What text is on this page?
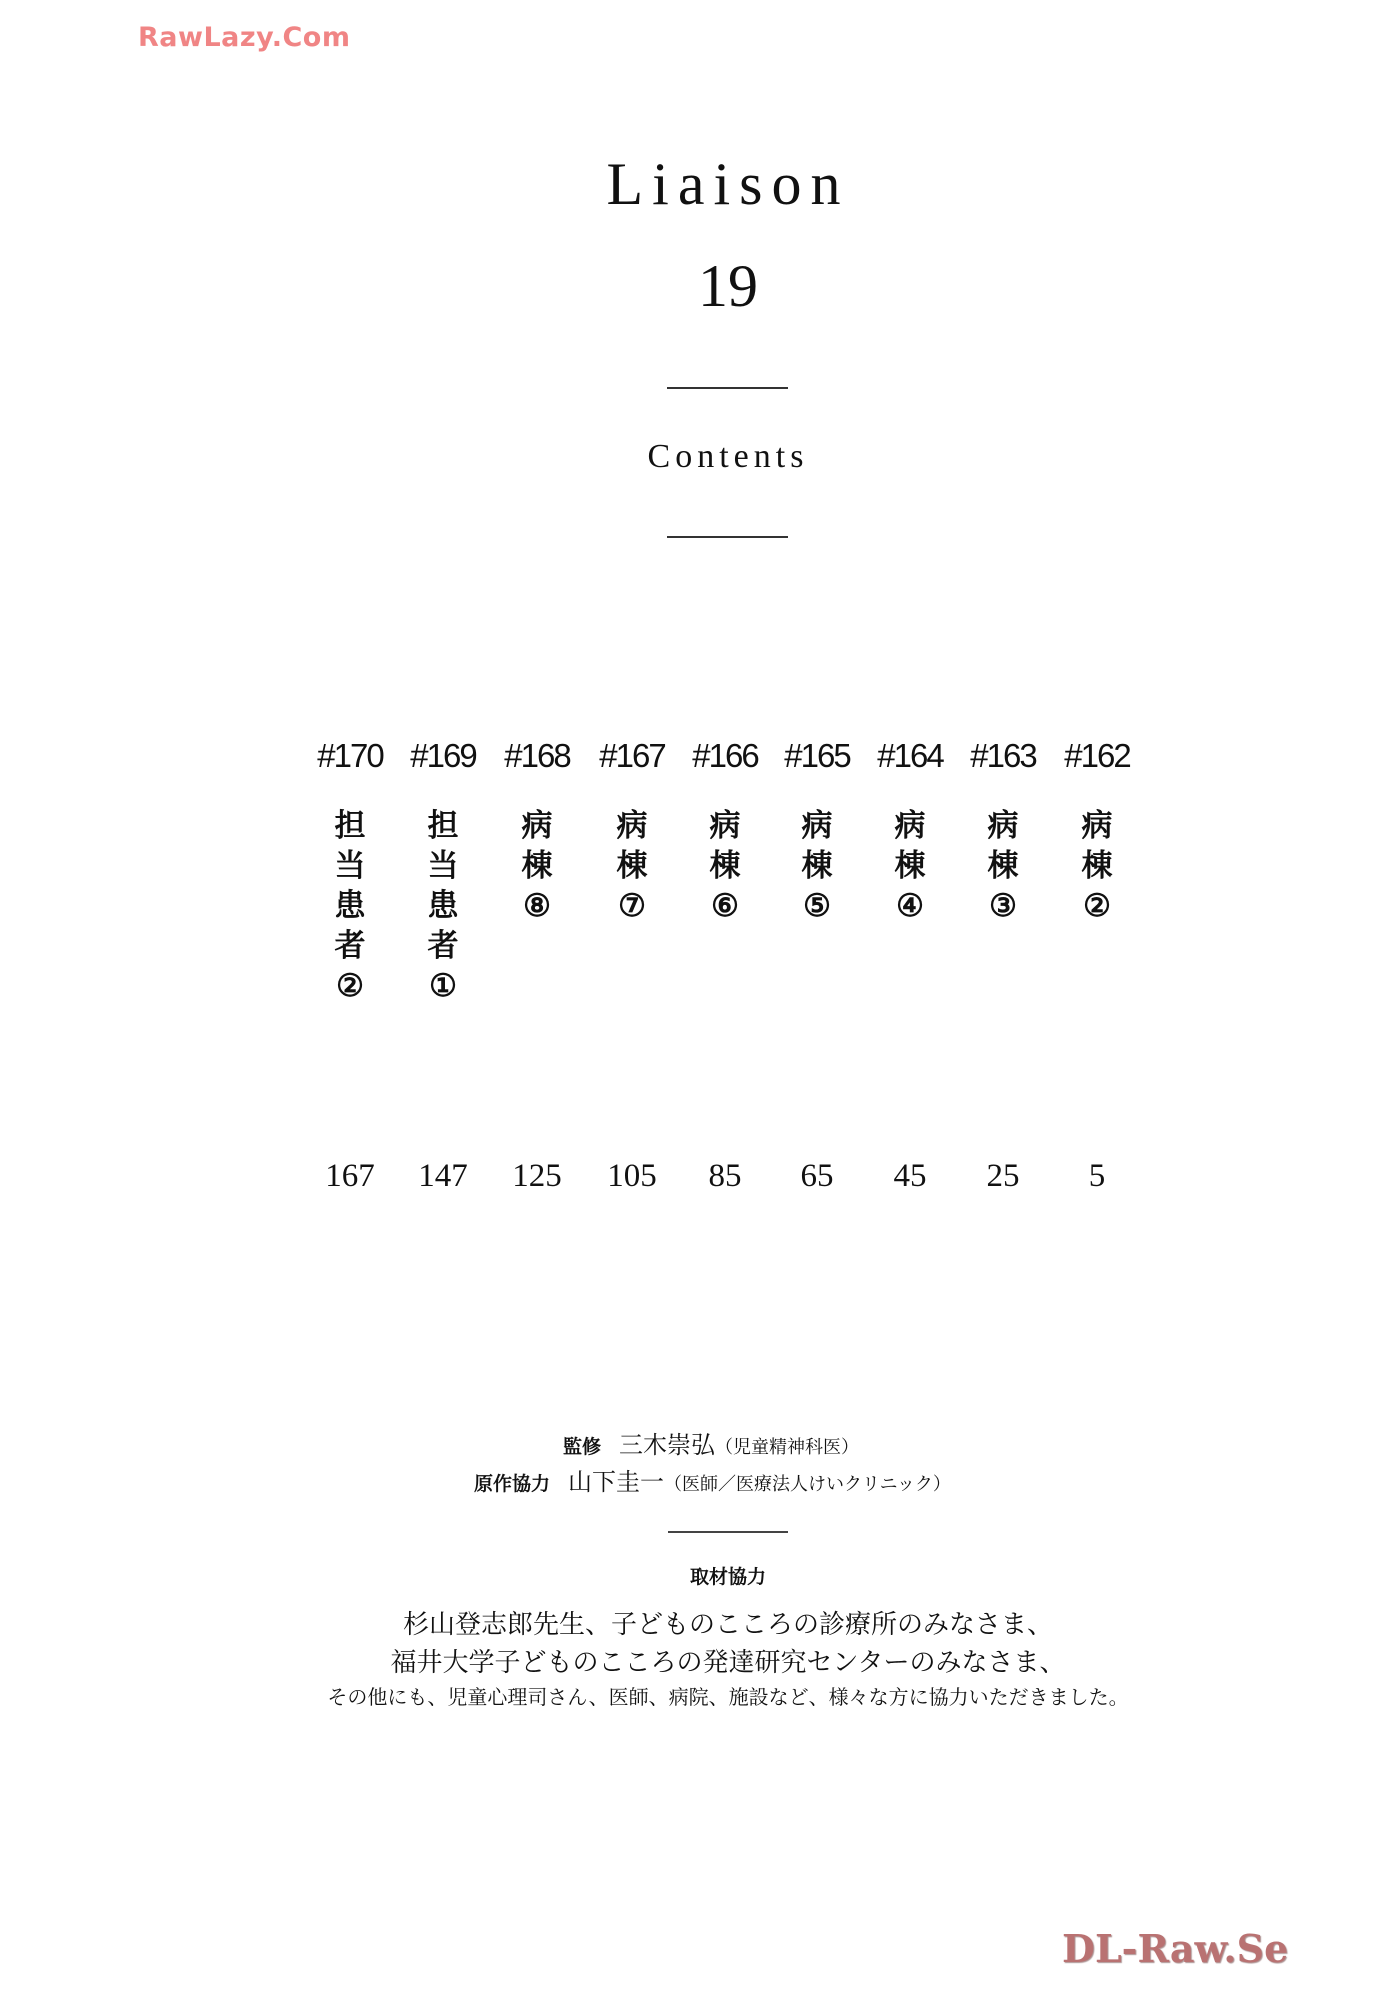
RawLazy.Com
DL-Raw.Se
Liaison
19
Contents
#170
担
当
患
者
②
167
#169
担
当
患
者
①
147
#168
病
棟
⑧
125
#167
病
棟
⑦
105
#166
病
棟
⑥
85
#165
病
棟
⑤
65
#164
病
棟
④
45
#163
病
棟
③
25
#162
病
棟
②
5
監修 三木崇弘（児童精神科医）
原作協力 山下圭一（医師／医療法人けいクリニック）
取材協力
杉山登志郎先生、子どものこころの診療所のみなさま、
福井大学子どものこころの発達研究センターのみなさま、
その他にも、児童心理司さん、医師、病院、施設など、様々な方に協力いただきました。
